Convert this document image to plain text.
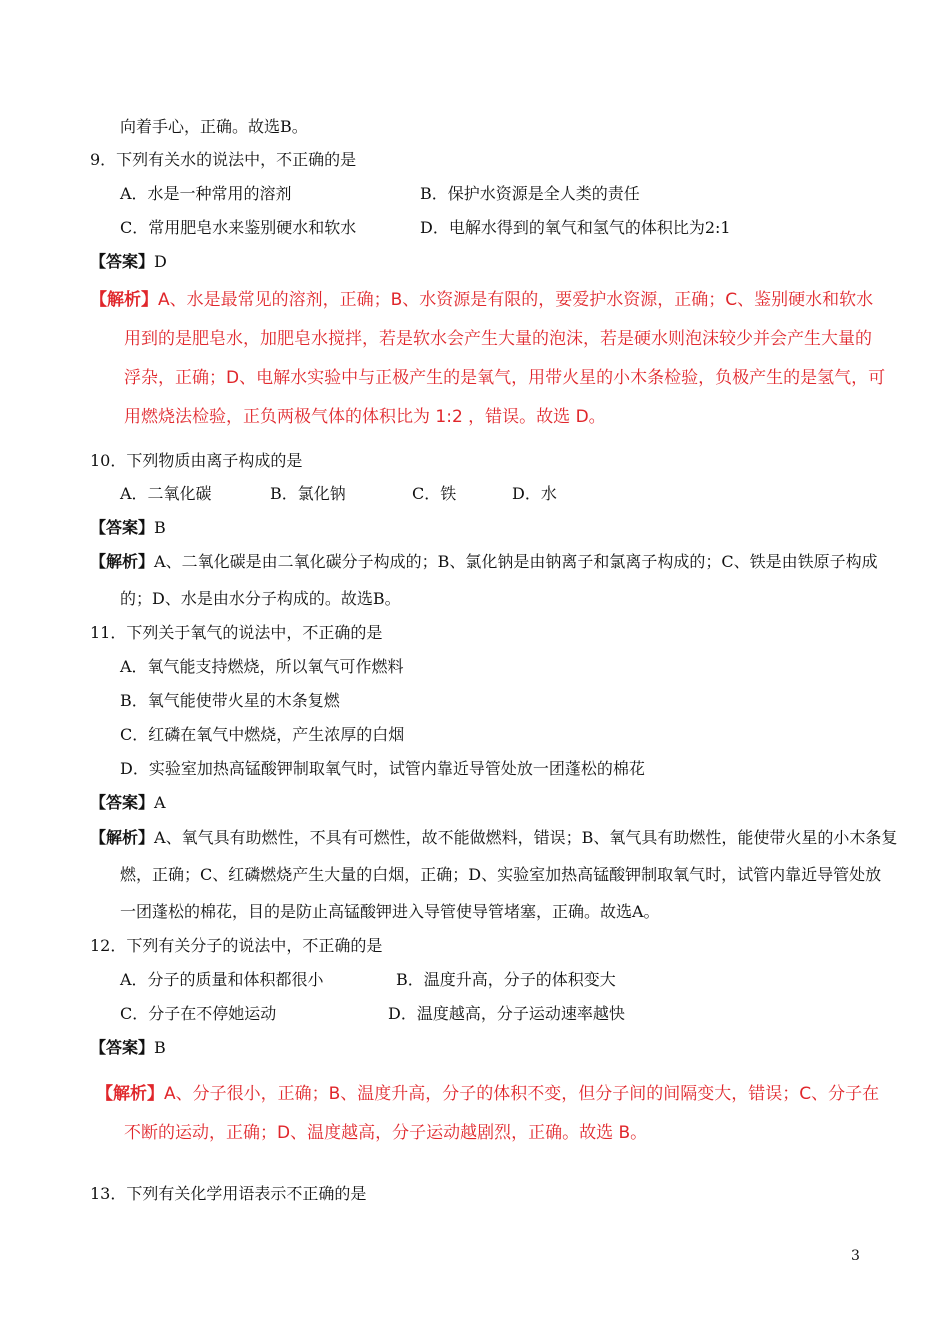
向着手心，正确。故选B。
9．下列有关水的说法中，不正确的是
A．水是一种常用的溶剂	B．保护水资源是全人类的责任
C．常用肥皂水来鉴别硬水和软水	D．电解水得到的氧气和氢气的体积比为2:1
【答案】D
【解析】A、水是最常见的溶剂，正确；B、水资源是有限的，要爱护水资源，正确；C、鉴别硬水和软水
用到的是肥皂水，加肥皂水搅拌，若是软水会产生大量的泡沫，若是硬水则泡沫较少并会产生大量的
浮杂，正确；D、电解水实验中与正极产生的是氧气，用带火星的小木条检验，负极产生的是氢气，可
用燃烧法检验，正负两极气体的体积比为 1:2 ，错误。故选 D。
10．下列物质由离子构成的是
A．二氧化碳	B．氯化钠	C．铁	D．水
【答案】B
【解析】A、二氧化碳是由二氧化碳分子构成的；B、氯化钠是由钠离子和氯离子构成的；C、铁是由铁原子构成
的；D、水是由水分子构成的。故选B。
11．下列关于氧气的说法中，不正确的是
A．氧气能支持燃烧，所以氧气可作燃料
B．氧气能使带火星的木条复燃
C．红磷在氧气中燃烧，产生浓厚的白烟
D．实验室加热高锰酸钾制取氧气时，试管内靠近导管处放一团蓬松的棉花
【答案】A
【解析】A、氧气具有助燃性，不具有可燃性，故不能做燃料，错误；B、氧气具有助燃性，能使带火星的小木条复
燃，正确；C、红磷燃烧产生大量的白烟，正确；D、实验室加热高锰酸钾制取氧气时，试管内靠近导管处放
一团蓬松的棉花，目的是防止高锰酸钾进入导管使导管堵塞，正确。故选A。
12．下列有关分子的说法中，不正确的是
A．分子的质量和体积都很小	B．温度升高，分子的体积变大
C．分子在不停她运动	D．温度越高，分子运动速率越快
【答案】B
【解析】A、分子很小，正确；B、温度升高，分子的体积不变，但分子间的间隔变大，错误；C、分子在
不断的运动，正确；D、温度越高，分子运动越剧烈，正确。故选 B。
13．下列有关化学用语表示不正确的是
3
